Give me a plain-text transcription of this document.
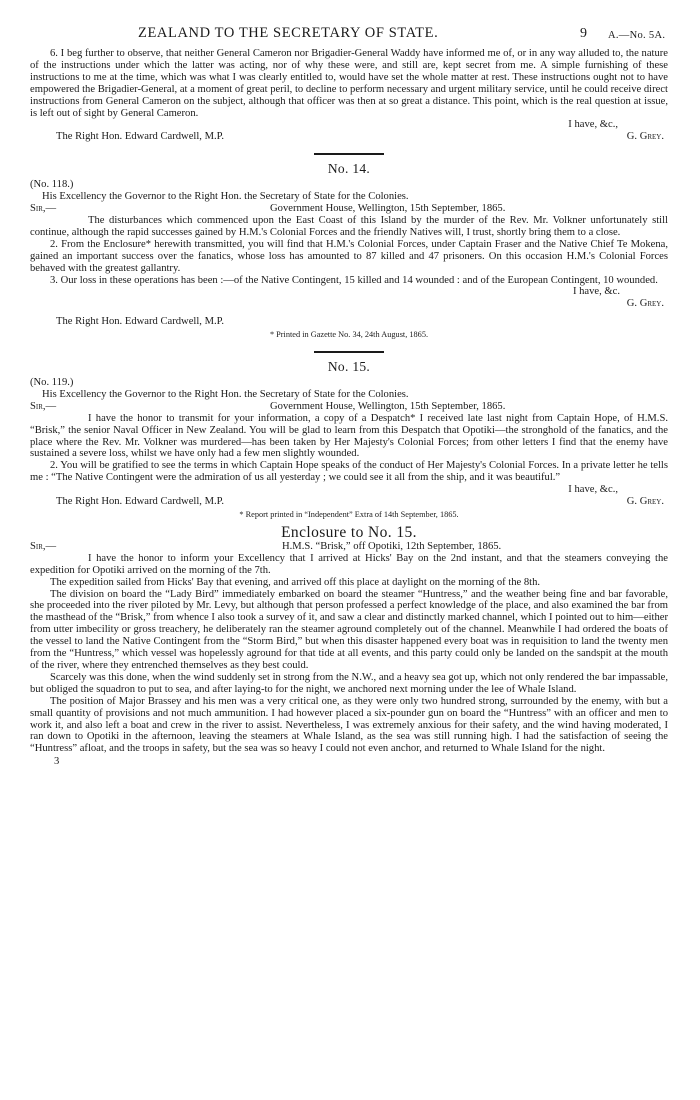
ZEALAND TO THE SECRETARY OF STATE.	9 A.—No. 5A.

6. I beg further to observe, that neither General Cameron nor Brigadier-General Waddy have informed me of, or in any way alluded to, the nature of the instructions under which the latter was acting, nor of why these were, and still are, kept secret from me. A simple furnishing of these instructions to me at the time, which was what I was clearly entitled to, would have set the whole matter at rest. These instructions ought not to have empowered the Brigadier-General, at a moment of great peril, to decline to perform necessary and urgent military service, until he could receive direct instructions from General Cameron on the subject, although that officer was then at so great a distance. This point, which is the real question at issue, is left out of sight by General Cameron.

I have, &c.,

The Right Hon. Edward Cardwell, M.P.	G. Grey.
No. 14.

(No. 118.)

His Excellency the Governor to the Right Hon. the Secretary of State for the Colonies.

Sir,—	Government House, Wellington, 15th September, 1865.

The disturbances which commenced upon the East Coast of this Island by the murder of the Rev. Mr. Volkner unfortunately still continue, although the rapid successes gained by H.M.'s Colonial Forces and the friendly Natives will, I trust, shortly bring them to a close.

2. From the Enclosure* herewith transmitted, you will find that H.M.'s Colonial Forces, under Captain Fraser and the Native Chief Te Mokena, gained an important success over the fanatics, whose loss has amounted to 87 killed and 47 prisoners. On this occasion H.M.'s Colonial Forces behaved with the greatest gallantry.

3. Our loss in these operations has been :—of the Native Contingent, 15 killed and 14 wounded : and of the European Contingent, 10 wounded.

I have, &c.

G. Grey.

The Right Hon. Edward Cardwell, M.P.

* Printed in Gazette No. 34, 24th August, 1865.
No. 15.

(No. 119.)

His Excellency the Governor to the Right Hon. the Secretary of State for the Colonies.

Sir,—	Government House, Wellington, 15th September, 1865.

I have the honor to transmit for your information, a copy of a Despatch* I received late last night from Captain Hope, of H.M.S. “Brisk,” the senior Naval Officer in New Zealand. You will be glad to learn from this Despatch that Opotiki—the stronghold of the fanatics, and the place where the Rev. Mr. Volkner was murdered—has been taken by Her Majesty's Colonial Forces; from other letters I find that the enemy have sustained a severe loss, whilst we have only had a few men slightly wounded.

2. You will be gratified to see the terms in which Captain Hope speaks of the conduct of Her Majesty's Colonial Forces. In a private letter he tells me : “The Native Contingent were the admiration of us all yesterday ; we could see it all from the ship, and it was beautiful.”

I have, &c.,

The Right Hon. Edward Cardwell, M.P.	G. Grey.
* Report printed in “Independent” Extra of 14th September, 1865.
Enclosure to No. 15.
Sir,—	H.M.S. “Brisk,” off Opotiki, 12th September, 1865.

I have the honor to inform your Excellency that I arrived at Hicks' Bay on the 2nd instant, and that the steamers conveying the expedition for Opotiki arrived on the morning of the 7th.

The expedition sailed from Hicks' Bay that evening, and arrived off this place at daylight on the morning of the 8th.

The division on board the “Lady Bird” immediately embarked on board the steamer “Huntress,” and the weather being fine and bar favorable, she proceeded into the river piloted by Mr. Levy, but although that person professed a perfect knowledge of the place, and also examined the bar from the masthead of the “Brisk,” from whence I also took a survey of it, and saw a clear and distinctly marked channel, which I pointed out to him—either from utter imbecility or gross treachery, he deliberately ran the steamer aground completely out of the channel. Meanwhile I had ordered the boats of the vessel to land the Native Contingent from the “Storm Bird,” but when this disaster happened every boat was in requisition to land the twenty men from the “Huntress,” which vessel was hopelessly aground for that tide at all events, and this party could only be landed on the sandspit at the mouth of the river, where they entrenched themselves as they best could.

Scarcely was this done, when the wind suddenly set in strong from the N.W., and a heavy sea got up, which not only rendered the bar impassable, but obliged the squadron to put to sea, and after laying-to for the night, we anchored next morning under the lee of Whale Island.

The position of Major Brassey and his men was a very critical one, as they were only two hundred strong, surrounded by the enemy, with but a small quantity of provisions and not much ammunition. I had however placed a six-pounder gun on board the “Huntress” with an officer and men to work it, and also left a boat and crew in the river to assist. Nevertheless, I was extremely anxious for their safety, and the wind having moderated, I ran down to Opotiki in the afternoon, leaving the steamers at Whale Island, as the sea was still running high. I had the satisfaction of seeing the “Huntress” afloat, and the troops in safety, but the sea was so heavy I could not even anchor, and returned to Whale Island for the night.

3
